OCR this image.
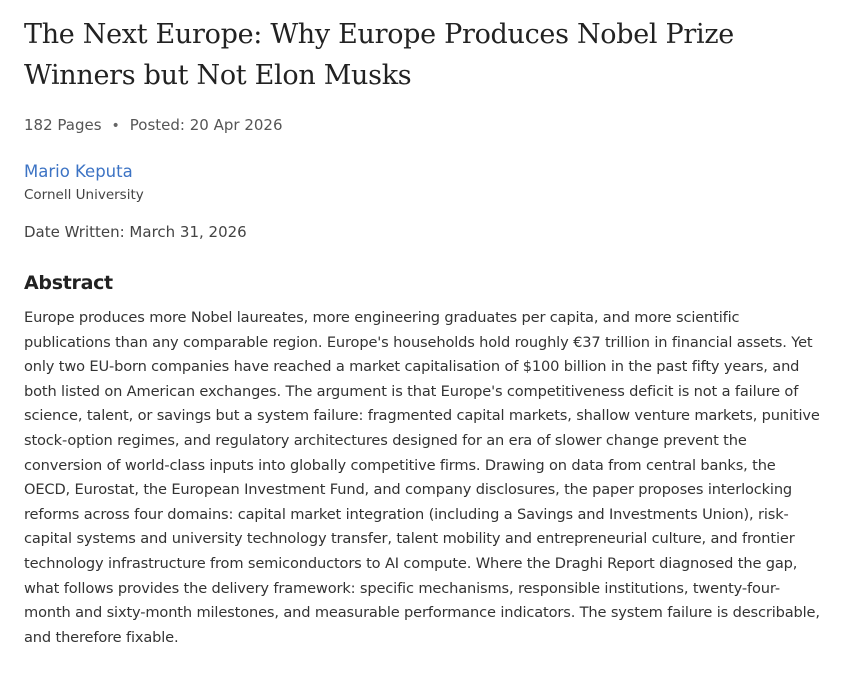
The Next Europe: Why Europe Produces Nobel Prize Winners but Not Elon Musks
182 Pages • Posted: 20 Apr 2026
Mario Keputa
Cornell University
Date Written: March 31, 2026
Abstract
Europe produces more Nobel laureates, more engineering graduates per capita, and more scientific publications than any comparable region. Europe's households hold roughly €37 trillion in financial assets. Yet only two EU-born companies have reached a market capitalisation of $100 billion in the past fifty years, and both listed on American exchanges. The argument is that Europe's competitiveness deficit is not a failure of science, talent, or savings but a system failure: fragmented capital markets, shallow venture markets, punitive stock-option regimes, and regulatory architectures designed for an era of slower change prevent the conversion of world-class inputs into globally competitive firms. Drawing on data from central banks, the OECD, Eurostat, the European Investment Fund, and company disclosures, the paper proposes interlocking reforms across four domains: capital market integration (including a Savings and Investments Union), risk-capital systems and university technology transfer, talent mobility and entrepreneurial culture, and frontier technology infrastructure from semiconductors to AI compute. Where the Draghi Report diagnosed the gap, what follows provides the delivery framework: specific mechanisms, responsible institutions, twenty-four-month and sixty-month milestones, and measurable performance indicators. The system failure is describable, and therefore fixable.
